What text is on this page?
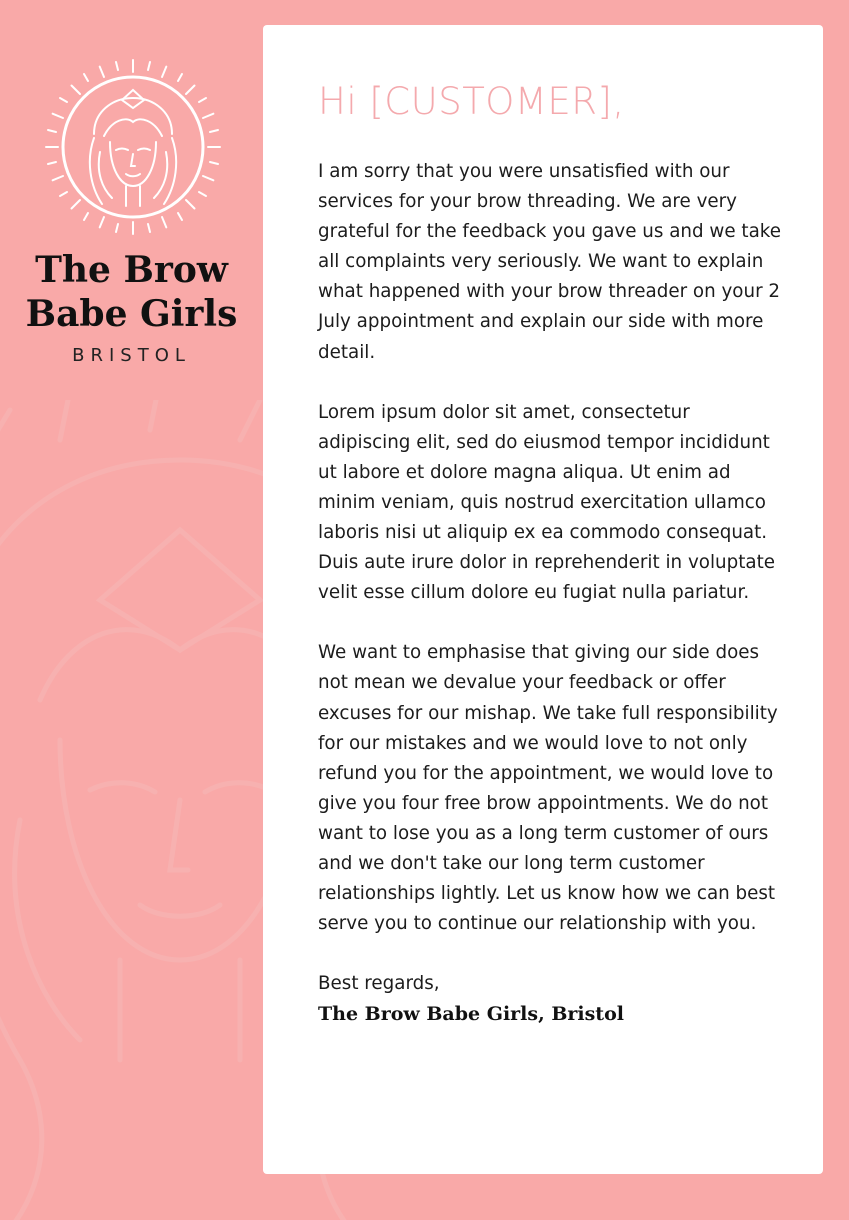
The Brow
Babe Girls
BRISTOL
Hi [CUSTOMER],

I am sorry that you were unsatisfied with our services for your brow threading. We are very grateful for the feedback you gave us and we take all complaints very seriously. We want to explain what happened with your brow threader on your 2 July appointment and explain our side with more detail.

Lorem ipsum dolor sit amet, consectetur adipiscing elit, sed do eiusmod tempor incididunt ut labore et dolore magna aliqua. Ut enim ad minim veniam, quis nostrud exercitation ullamco laboris nisi ut aliquip ex ea commodo consequat. Duis aute irure dolor in reprehenderit in voluptate velit esse cillum dolore eu fugiat nulla pariatur.

We want to emphasise that giving our side does not mean we devalue your feedback or offer excuses for our mishap. We take full responsibility for our mistakes and we would love to not only refund you for the appointment, we would love to give you four free brow appointments. We do not want to lose you as a long term customer of ours and we don't take our long term customer relationships lightly. Let us know how we can best serve you to continue our relationship with you.

Best regards,
The Brow Babe Girls, Bristol
